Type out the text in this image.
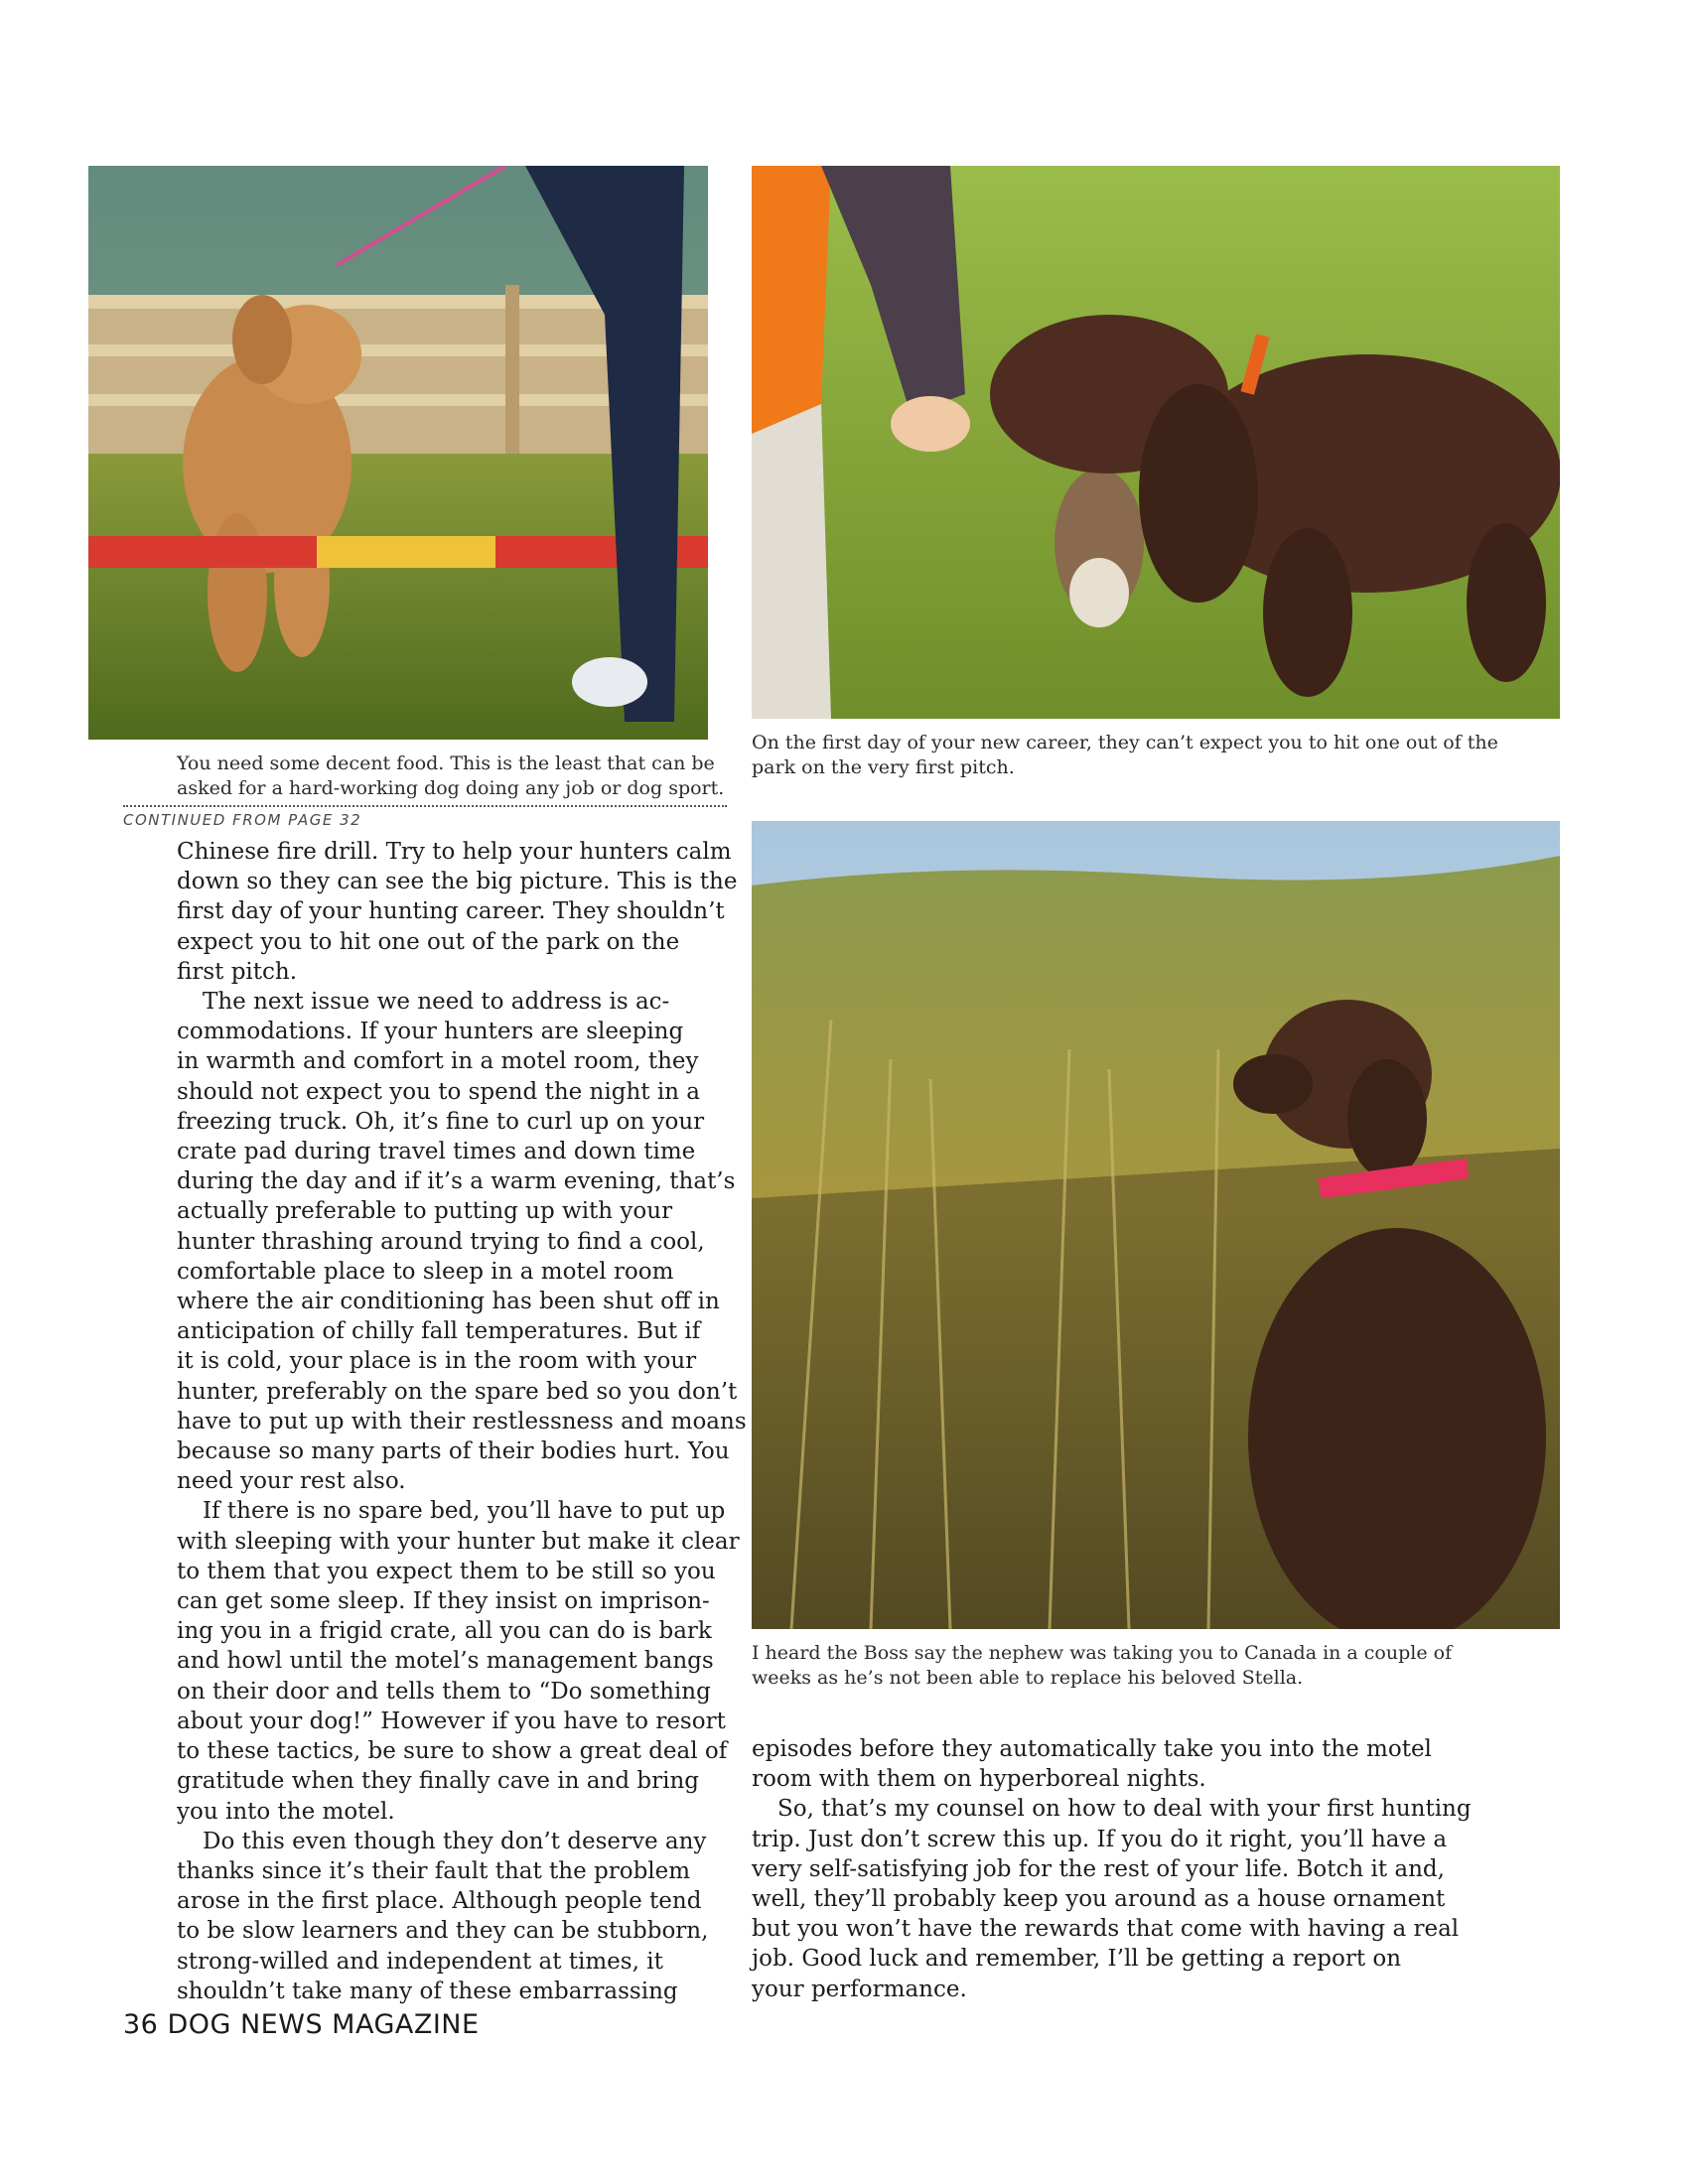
You need some decent food. This is the least that can be
asked for a hard-working dog doing any job or dog sport.
On the first day of your new career, they can’t expect you to hit one out of the
park on the very first pitch.
I heard the Boss say the nephew was taking you to Canada in a couple of
weeks as he’s not been able to replace his beloved Stella.
CONTINUED FROM PAGE 32

Chinese fire drill. Try to help your hunters calm
down so they can see the big picture. This is the
first day of your hunting career. They shouldn’t
expect you to hit one out of the park on the
first pitch.

The next issue we need to address is ac-
commodations. If your hunters are sleeping
in warmth and comfort in a motel room, they
should not expect you to spend the night in a
freezing truck. Oh, it’s fine to curl up on your
crate pad during travel times and down time
during the day and if it’s a warm evening, that’s
actually preferable to putting up with your
hunter thrashing around trying to find a cool,
comfortable place to sleep in a motel room
where the air conditioning has been shut off in
anticipation of chilly fall temperatures. But if
it is cold, your place is in the room with your
hunter, preferably on the spare bed so you don’t
have to put up with their restlessness and moans
because so many parts of their bodies hurt. You
need your rest also.

If there is no spare bed, you’ll have to put up
with sleeping with your hunter but make it clear
to them that you expect them to be still so you
can get some sleep. If they insist on imprison-
ing you in a frigid crate, all you can do is bark
and howl until the motel’s management bangs
on their door and tells them to “Do something
about your dog!” However if you have to resort
to these tactics, be sure to show a great deal of
gratitude when they finally cave in and bring
you into the motel.

Do this even though they don’t deserve any
thanks since it’s their fault that the problem
arose in the first place. Although people tend
to be slow learners and they can be stubborn,
strong-willed and independent at times, it
shouldn’t take many of these embarrassing

episodes before they automatically take you into the motel
room with them on hyperboreal nights.

So, that’s my counsel on how to deal with your first hunting
trip. Just don’t screw this up. If you do it right, you’ll have a
very self-satisfying job for the rest of your life. Botch it and,
well, they’ll probably keep you around as a house ornament
but you won’t have the rewards that come with having a real
job. Good luck and remember, I’ll be getting a report on
your performance.

36 DOG NEWS MAGAZINE
